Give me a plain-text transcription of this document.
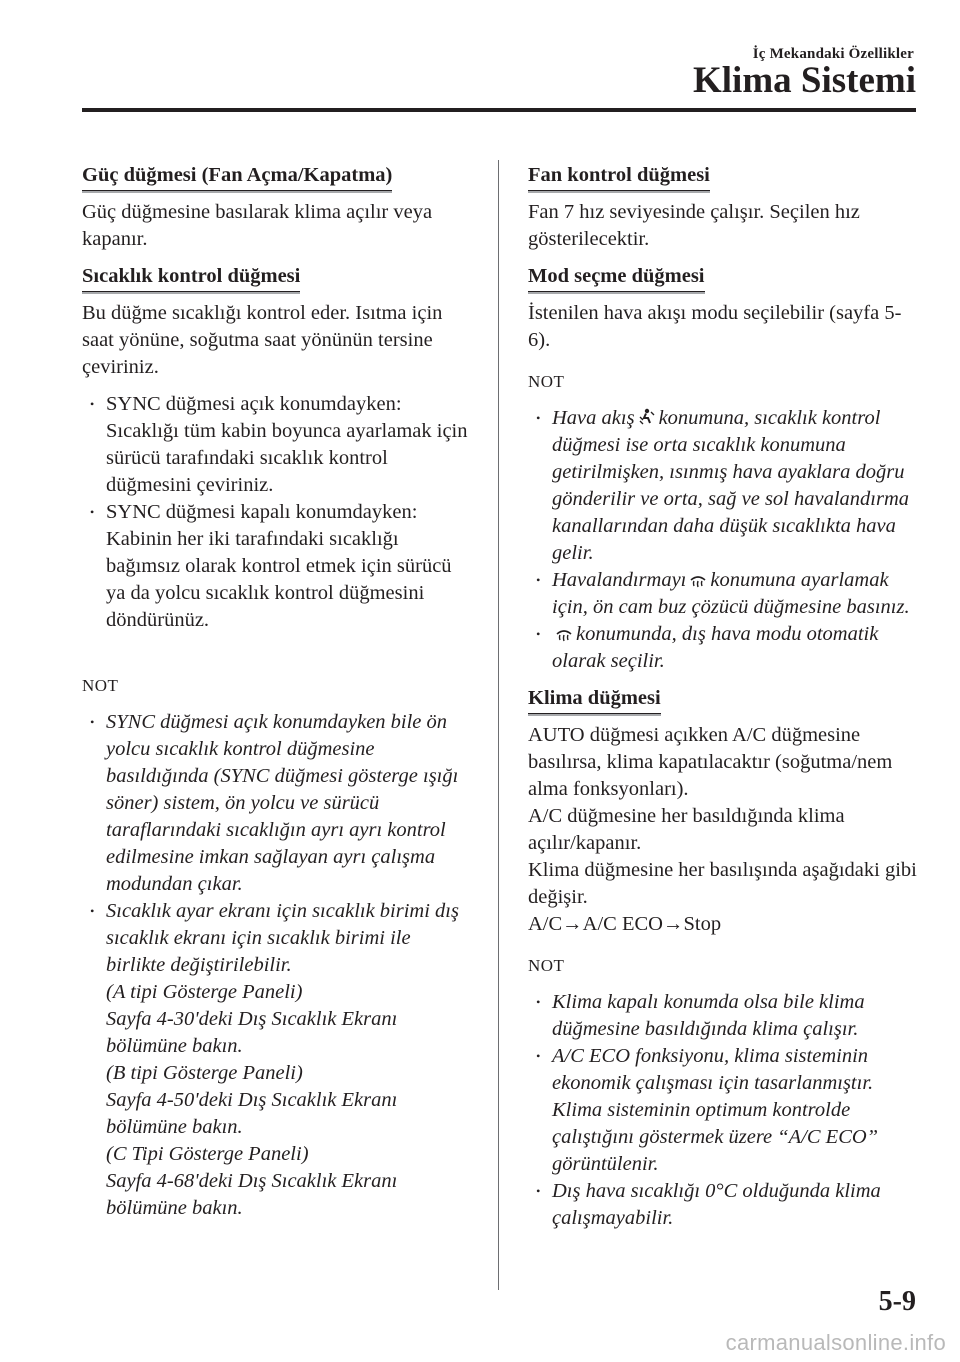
İç Mekandaki Özellikler
Klima Sistemi
Güç düğmesi (Fan Açma/Kapatma)

Güç düğmesine basılarak klima açılır veya kapanır.

Sıcaklık kontrol düğmesi

Bu düğme sıcaklığı kontrol eder. Isıtma için saat yönüne, soğutma saat yönünün tersine çeviriniz.

• SYNC düğmesi açık konumdayken: Sıcaklığı tüm kabin boyunca ayarlamak için sürücü tarafındaki sıcaklık kontrol düğmesini çeviriniz.
• SYNC düğmesi kapalı konumdayken: Kabinin her iki tarafındaki sıcaklığı bağımsız olarak kontrol etmek için sürücü ya da yolcu sıcaklık kontrol düğmesini döndürünüz.
NOT
• SYNC düğmesi açık konumdayken bile ön yolcu sıcaklık kontrol düğmesine basıldığında (SYNC düğmesi gösterge ışığı söner) sistem, ön yolcu ve sürücü taraflarındaki sıcaklığın ayrı ayrı kontrol edilmesine imkan sağlayan ayrı çalışma modundan çıkar.
• Sıcaklık ayar ekranı için sıcaklık birimi dış sıcaklık ekranı için sıcaklık birimi ile birlikte değiştirilebilir.
(A tipi Gösterge Paneli)
Sayfa 4-30'deki Dış Sıcaklık Ekranı bölümüne bakın.
(B tipi Gösterge Paneli)
Sayfa 4-50'deki Dış Sıcaklık Ekranı bölümüne bakın.
(C Tipi Gösterge Paneli)
Sayfa 4-68'deki Dış Sıcaklık Ekranı bölümüne bakın.
Fan kontrol düğmesi

Fan 7 hız seviyesinde çalışır. Seçilen hız gösterilecektir.

Mod seçme düğmesi

İstenilen hava akışı modu seçilebilir (sayfa 5-6).

NOT
• Hava akış konumuna, sıcaklık kontrol düğmesi ise orta sıcaklık konumuna getirilmişken, ısınmış hava ayaklara doğru gönderilir ve orta, sağ ve sol havalandırma kanallarından daha düşük sıcaklıkta hava gelir.
• Havalandırmayı konumuna ayarlamak için, ön cam buz çözücü düğmesine basınız.
• konumunda, dış hava modu otomatik olarak seçilir.
Klima düğmesi
AUTO düğmesi açıkken A/C düğmesine basılırsa, klima kapatılacaktır (soğutma/nem alma fonksyonları).
A/C düğmesine her basıldığında klima açılır/kapanır.
Klima düğmesine her basılışında aşağıdaki gibi değişir.
A/C→A/C ECO→Stop
NOT
• Klima kapalı konumda olsa bile klima düğmesine basıldığında klima çalışır.
• A/C ECO fonksiyonu, klima sisteminin ekonomik çalışması için tasarlanmıştır. Klima sisteminin optimum kontrolde çalıştığını göstermek üzere “A/C ECO” görüntülenir.
• Dış hava sıcaklığı 0°C olduğunda klima çalışmayabilir.
5-9
carmanualsonline.info
